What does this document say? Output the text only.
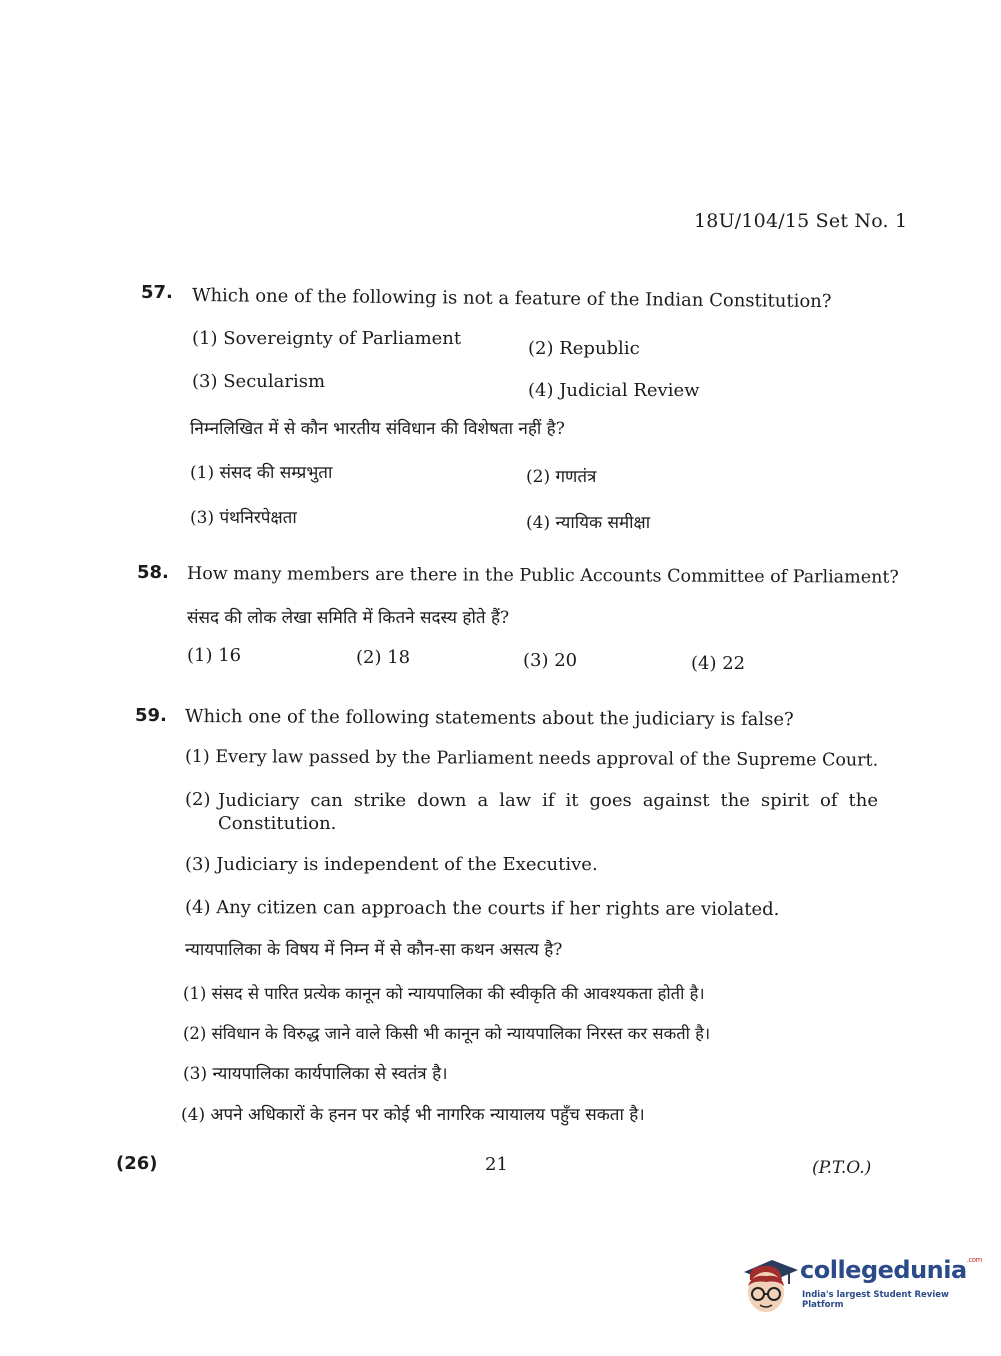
18U/104/15 Set No. 1
57. Which one of the following is not a feature of the Indian Constitution?
(1) Sovereignty of Parliament	(2) Republic
(3) Secularism	(4) Judicial Review
निम्नलिखित में से कौन भारतीय संविधान की विशेषता नहीं है?
(1) संसद की सम्प्रभुता	(2) गणतंत्र
(3) पंथनिरपेक्षता	(4) न्यायिक समीक्षा
58. How many members are there in the Public Accounts Committee of Parliament?
संसद की लोक लेखा समिति में कितने सदस्य होते हैं?
(1) 16	(2) 18	(3) 20	(4) 22
59. Which one of the following statements about the judiciary is false?
(1) Every law passed by the Parliament needs approval of the Supreme Court.
(2) Judiciary can strike down a law if it goes against the spirit of the Constitution.
(3) Judiciary is independent of the Executive.
(4) Any citizen can approach the courts if her rights are violated.
न्यायपालिका के विषय में निम्न में से कौन-सा कथन असत्य है?
(1) संसद से पारित प्रत्येक कानून को न्यायपालिका की स्वीकृति की आवश्यकता होती है।
(2) संविधान के विरुद्ध जाने वाले किसी भी कानून को न्यायपालिका निरस्त कर सकती है।
(3) न्यायपालिका कार्यपालिका से स्वतंत्र है।
(4) अपने अधिकारों के हनन पर कोई भी नागरिक न्यायालय पहुँच सकता है।
(26)	21	(P.T.O.)
collegedunia$^{.com}$
India's largest Student Review Platform
